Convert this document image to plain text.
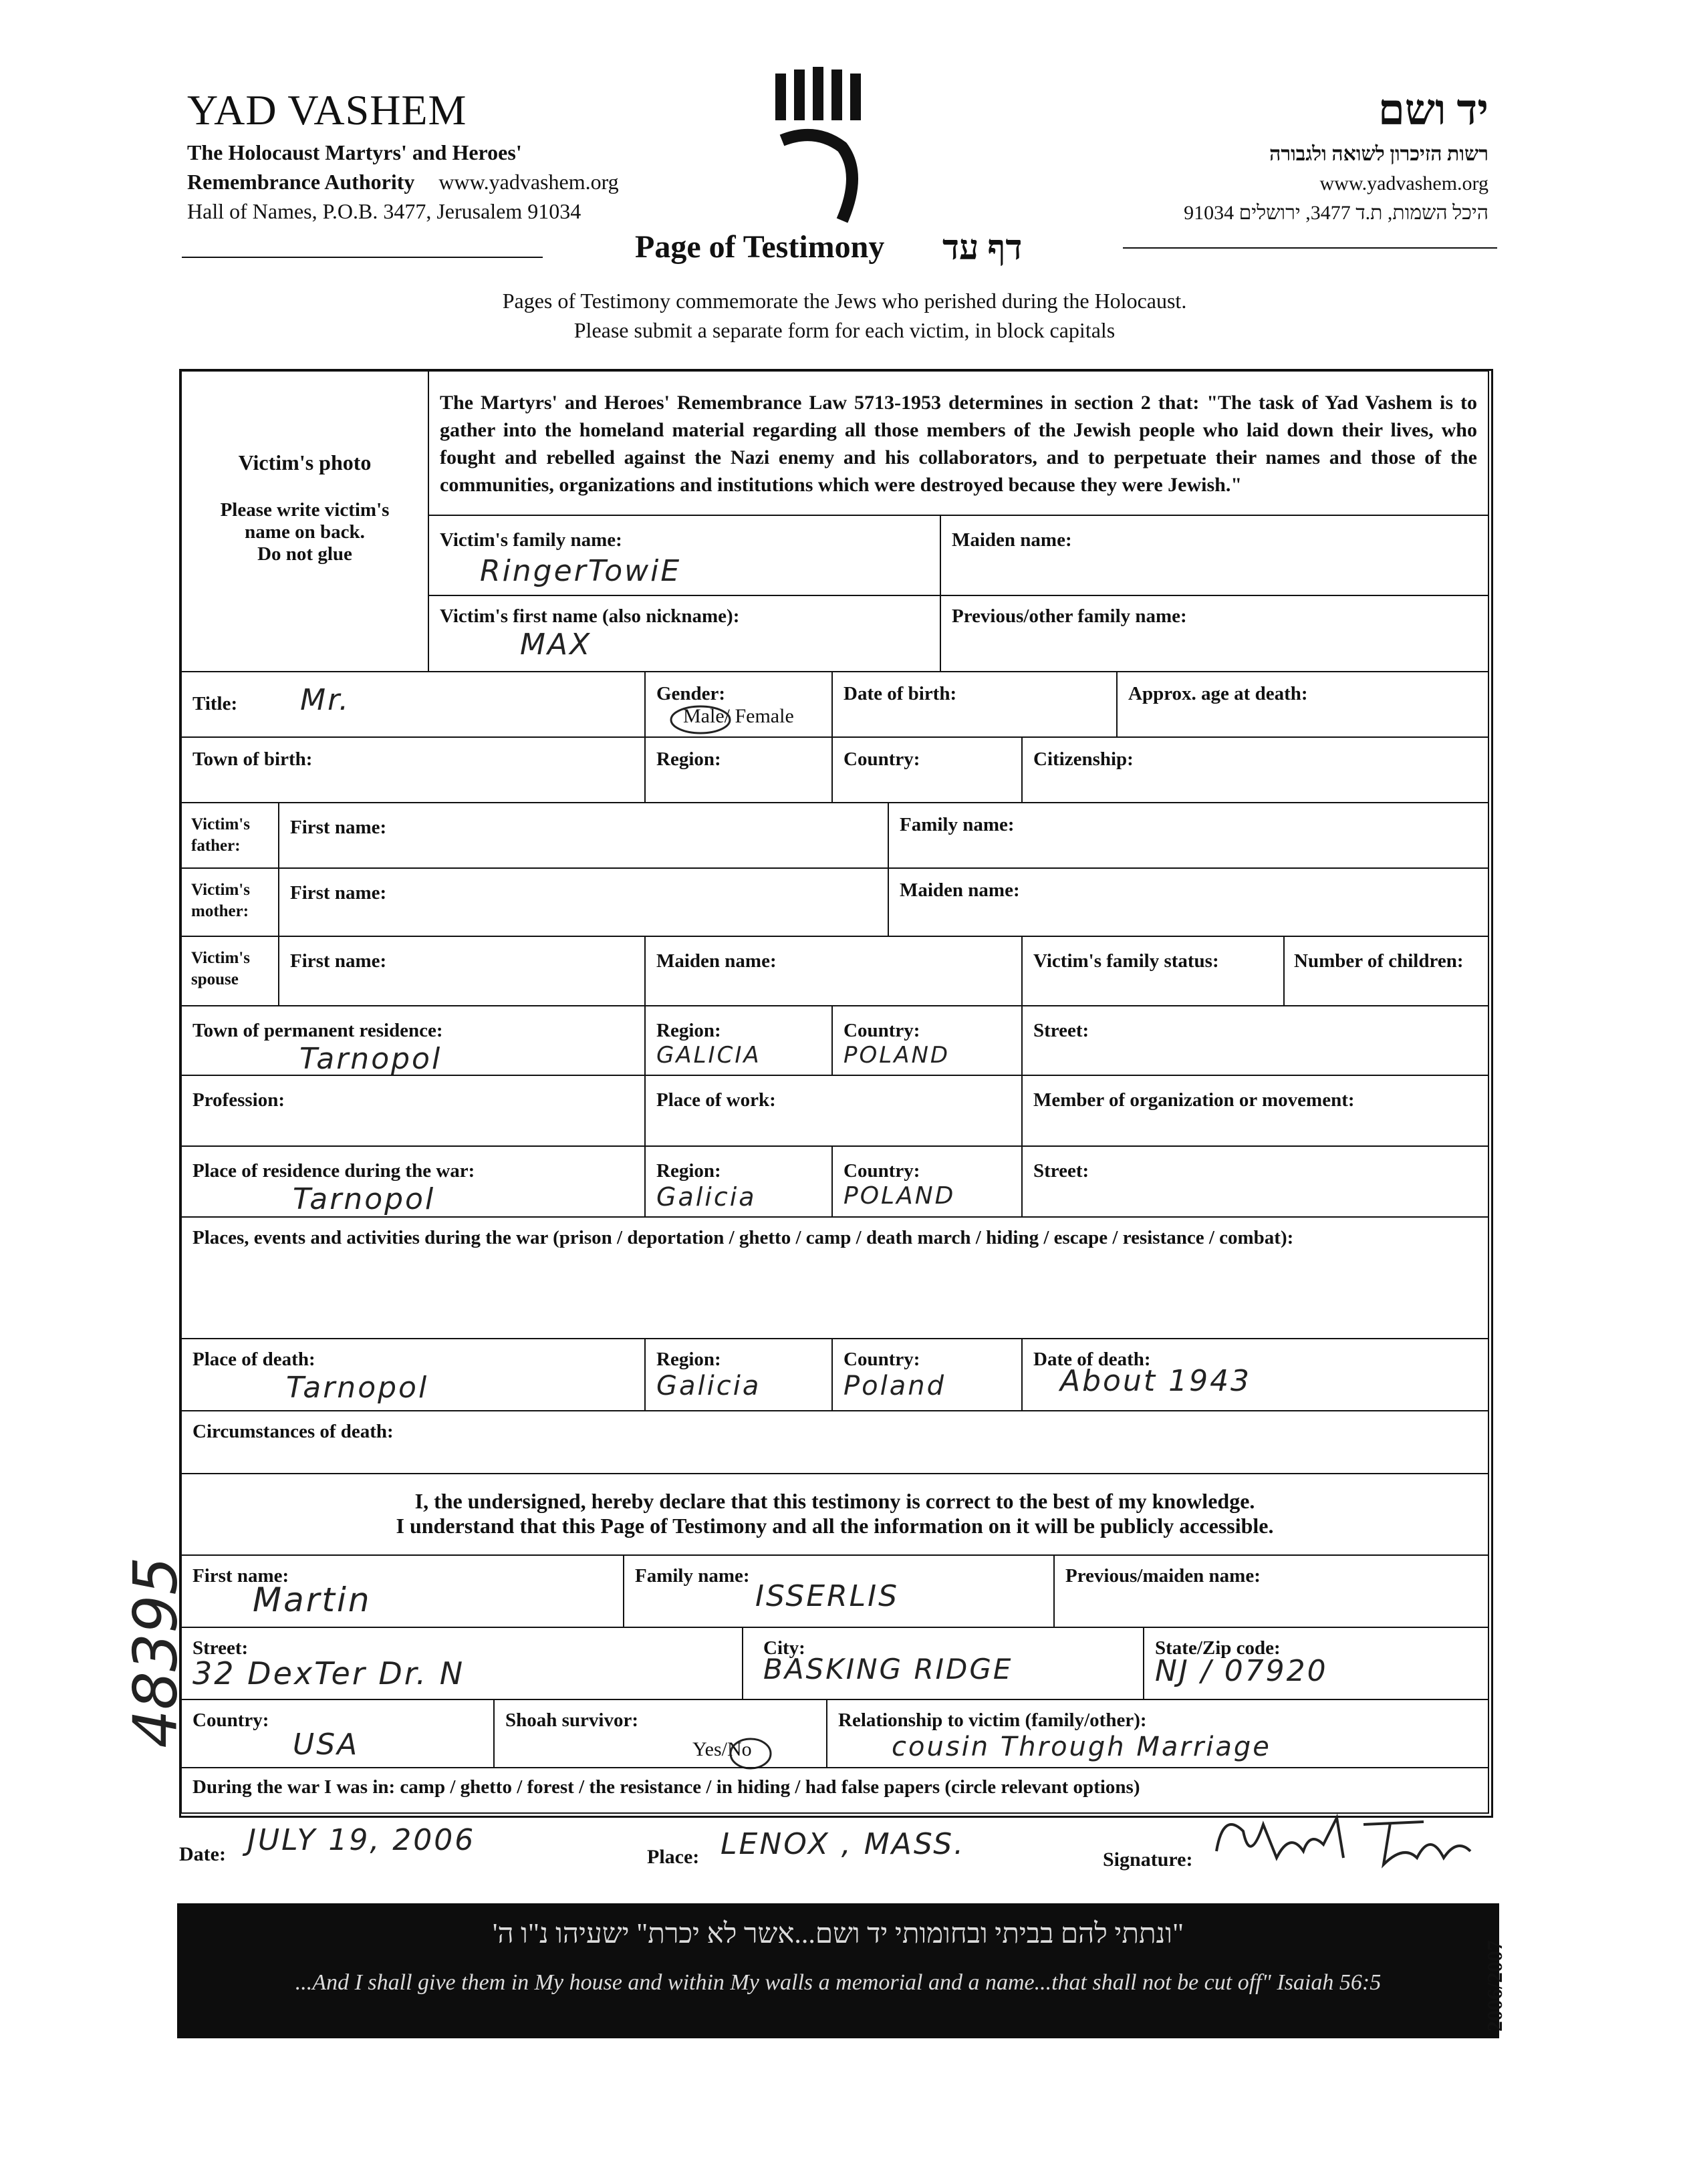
YAD VASHEM
The Holocaust Martyrs' and Heroes'
Remembrance Authority www.yadvashem.org
Hall of Names, P.O.B. 3477, Jerusalem 91034
יד ושם
רשות הזיכרון לשואה ולגבורה
www.yadvashem.org
היכל השמות, ת.ד 3477, ירושלים 91034
Page of Testimony דף עד
Pages of Testimony commemorate the Jews who perished during the Holocaust.
Please submit a separate form for each victim, in block capitals
Victim's photo
Please write victim's
name on back.
Do not glue
The Martyrs' and Heroes' Remembrance Law 5713-1953 determines in section 2 that: "The task of Yad Vashem is to gather into the homeland material regarding all those members of the Jewish people who laid down their lives, who fought and rebelled against the Nazi enemy and his collaborators, and to perpetuate their names and those of the communities, organizations and institutions which were destroyed because they were Jewish."
Victim's family name:
RingerTowiE
Maiden name:
Victim's first name (also nickname):
MAX
Previous/other family name:
Title: Mr.	Gender:
Male/ Female
Date of birth:	Approx. age at death:
Town of birth:	Region:	Country:	Citizenship:
Victim's father:
First name:	Family name:
Victim's mother:
First name:	Maiden name:
Victim's spouse
First name:	Maiden name:	Victim's family status:	Number of children:
Town of permanent residence:
Tarnopol
Region:
GALICIA
Country:
POLAND
Street:
Profession:	Place of work:	Member of organization or movement:
Place of residence during the war:
Tarnopol
Region:
Galicia
Country:
POLAND
Street:
Places, events and activities during the war (prison / deportation / ghetto / camp / death march / hiding / escape / resistance / combat):
Place of death:
Tarnopol
Region:
Galicia
Country:
Poland
Date of death:
About 1943
Circumstances of death:
I, the undersigned, hereby declare that this testimony is correct to the best of my knowledge.
I understand that this Page of Testimony and all the information on it will be publicly accessible.
First name:
Martin
Family name:
ISSERLIS
Previous/maiden name:
Street:
32 DexTer Dr. N
City:
BASKING RIDGE
State/Zip code:
NJ / 07920
Country:
USA
Shoah survivor:
Yes/No
Relationship to victim (family/other):
cousin Through Marriage
During the war I was in: camp / ghetto / forest / the resistance / in hiding / had false papers (circle relevant options)
Date: JULY 19, 2006	Place: LENOX , MASS.	Signature:
"ונתתי להם בביתי ובחומותי יד ושם...אשר לא יכרת" ישעיהו נ"ו ה'
...And I shall give them in My house and within My walls a memorial and a name...that shall not be cut off" Isaiah 56:5	2006/2007
48395
